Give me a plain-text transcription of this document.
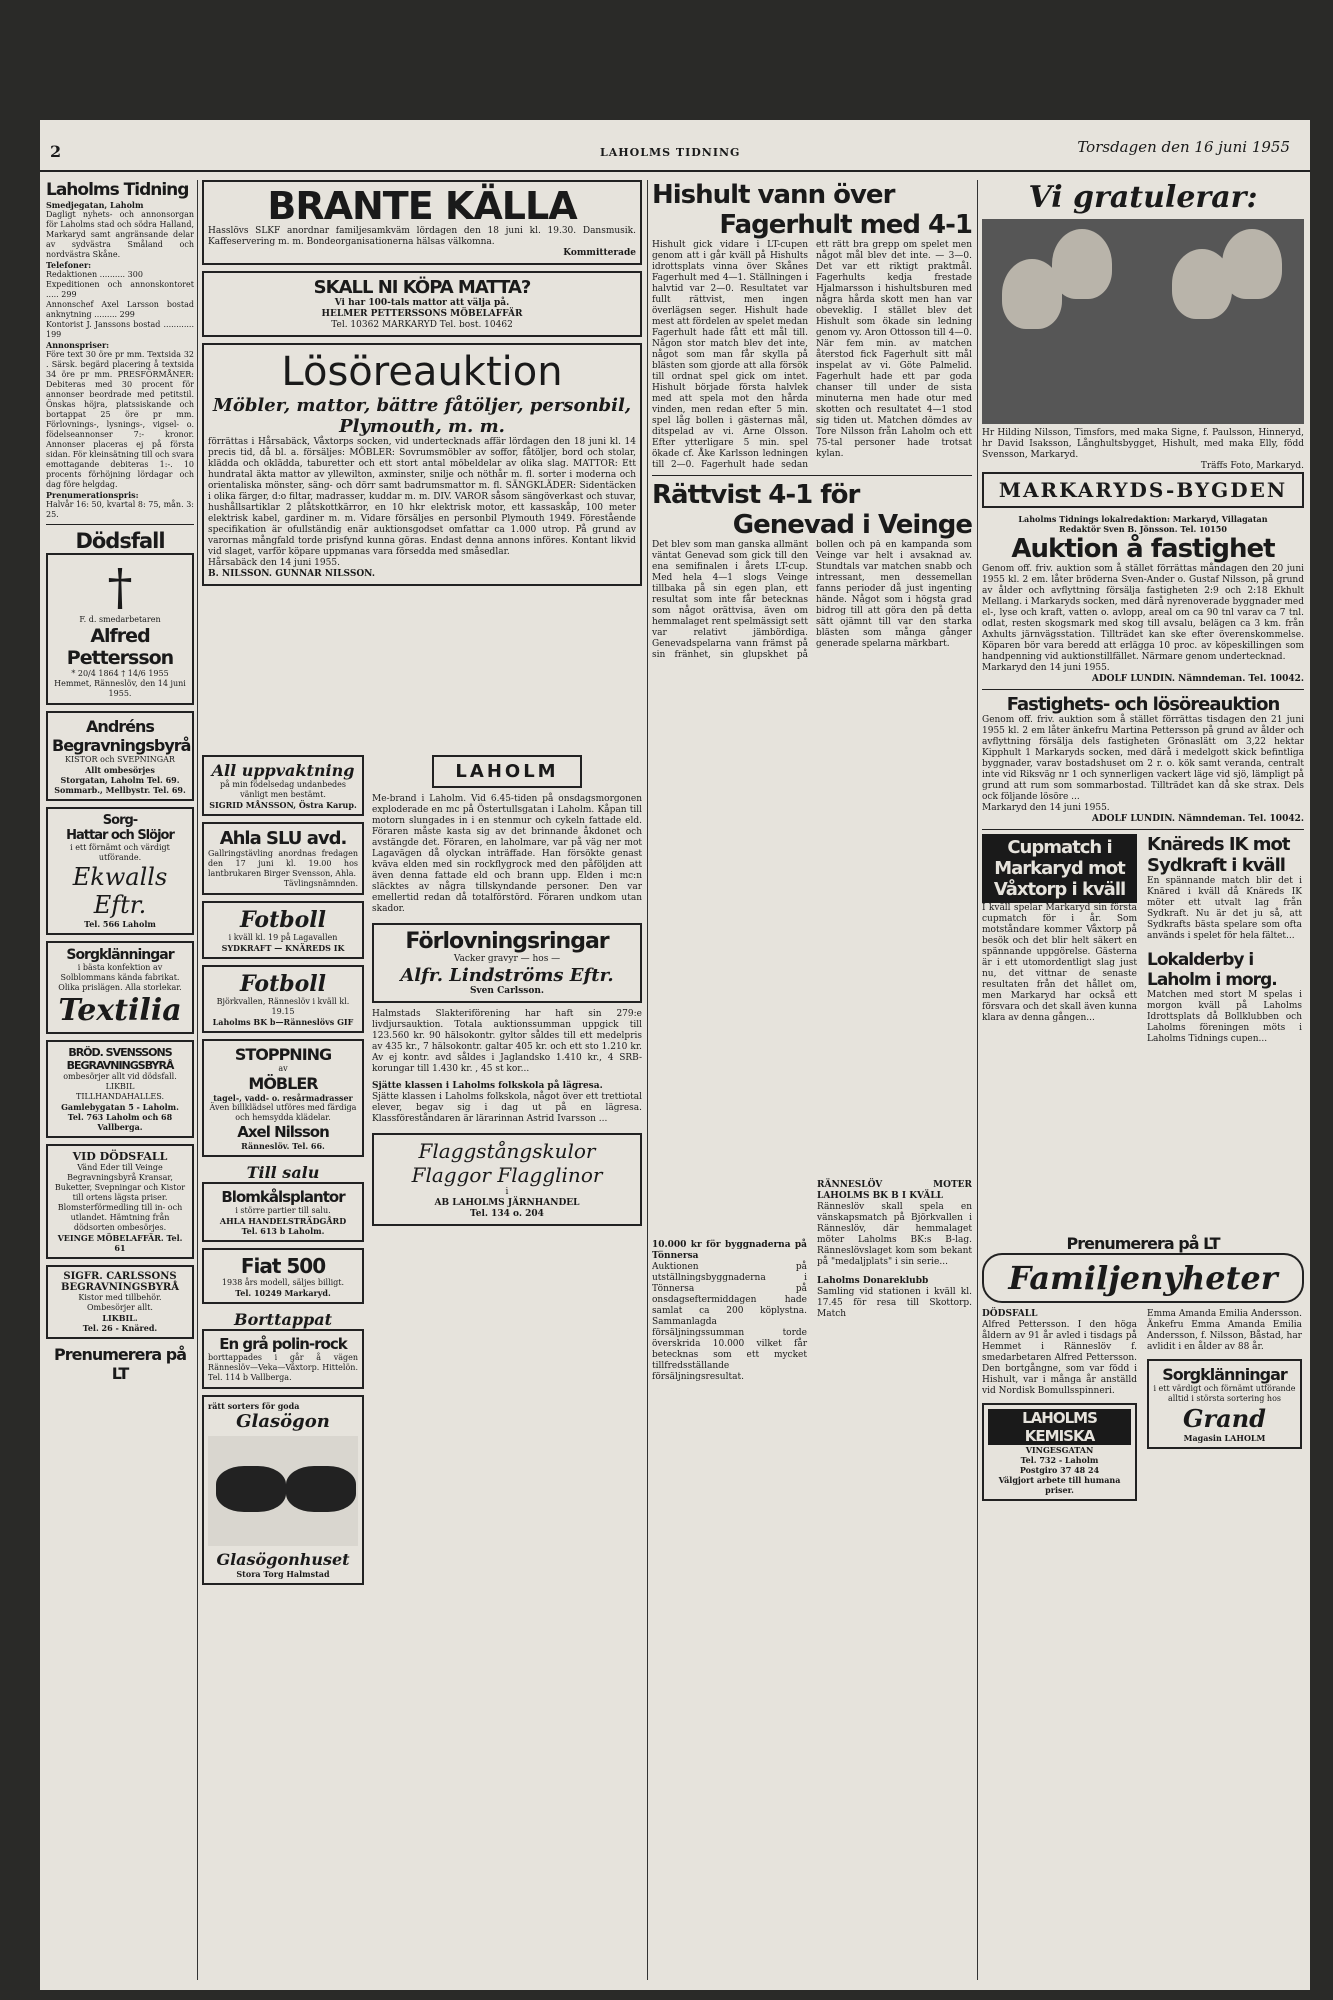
2	LAHOLMS TIDNING	Torsdagen den 16 juni 1955
Laholms Tidning
Smedjegatan, Laholm
Dagligt nyhets- och annonsorgan för Laholms stad och södra Halland, Markaryd samt angränsande delar av sydvästra Småland och nordvästra Skåne.
Telefoner:
Redaktionen .......... 300
Expeditionen och annonskontoret ..... 299
Annonschef Axel Larsson bostad anknytning ......... 299
Kontorist J. Janssons bostad ............ 199
Annonspriser:
Före text 30 öre pr mm. Textsida 32 . Särsk. begärd placering å textsida 34 öre pr mm. PRESFÖRMÅNER: Debiteras med 30 procent för annonser beordrade med petitstil. Önskas höjra, platssiskande och bortappat 25 öre pr mm. Förlovnings-, lysnings-, vigsel- o. födelseannonser 7:- kronor. Annonser placeras ej på första sidan. För kleinsätning till och svara emottagande debiteras 1:-. 10 procents förhöjning lördagar och dag före helgdag.
Prenumerationspris:
Halvår 16: 50, kvartal 8: 75, mån. 3: 25.
Dödsfall
†
F. d. smedarbetaren
Alfred Pettersson
* 20/4 1864 † 14/6 1955
Hemmet, Ränneslöv, den 14 juni 1955.
Andréns Begravningsbyrå
KISTOR och SVEPNINGAR
Allt ombesörjes
Storgatan, Laholm Tel. 69. Sommarb., Mellbystr. Tel. 69.
Sorg-
Hattar och Slöjor
i ett förnämt och värdigt utförande.
Ekwalls Eftr.
Tel. 566 Laholm
Sorgklänningar
i bästa konfektion av Solblommans kända fabrikat. Olika prislägen. Alla storlekar.
Textilia
BRÖD. SVENSSONS BEGRAVNINGSBYRÅ
ombesörjer allt vid dödsfall.
LIKBIL
TILLHANDAHALLES.
Gamlebygatan 5 - Laholm.
Tel. 763 Laholm och 68 Vallberga.
VID DÖDSFALL
Vänd Eder till Veinge Begravningsbyrå Kransar, Buketter, Svepningar och Kistor till ortens lägsta priser. Blomsterförmedling till in- och utlandet. Hämtning från dödsorten ombesörjes.
VEINGE MÖBELAFFÄR. Tel. 61
SIGFR. CARLSSONS BEGRAVNINGSBYRÅ
Kistor med tillbehör.
Ombesörjer allt.
LIKBIL.
Tel. 26 - Knäred.
Prenumerera på LT
BRANTE KÄLLA
Hasslövs SLKF anordnar familjesamkväm lördagen den 18 juni kl. 19.30. Dansmusik. Kaffeservering m. m. Bondeorganisationerna hälsas välkomna.
Kommitterade
SKALL NI KÖPA MATTA?
Vi har 100-tals mattor att välja på.
HELMER PETTERSSONS MÖBELAFFÄR
Tel. 10362 MARKARYD Tel. bost. 10462
Lösöreauktion
Möbler, mattor, bättre fåtöljer, personbil, Plymouth, m. m.
förrättas i Hårsabäck, Våxtorps socken, vid undertecknads affär lördagen den 18 juni kl. 14 precis tid, då bl. a. försäljes: MÖBLER: Sovrumsmöbler av soffor, fåtöljer, bord och stolar, klädda och oklädda, taburetter och ett stort antal möbeldelar av olika slag. MATTOR: Ett hundratal äkta mattor av yllewilton, axminster, snilje och nöthår m. fl. sorter i moderna och orientaliska mönster, säng- och dörr samt badrumsmattor m. fl. SÄNGKLÄDER: Sidentäcken i olika färger, d:o filtar, madrasser, kuddar m. m. DIV. VAROR såsom sängöverkast och stuvar, hushållsartiklar 2 plåtskottkärror, en 10 hkr elektrisk motor, ett kassaskåp, 100 meter elektrisk kabel, gardiner m. m. Vidare försäljes en personbil Plymouth 1949. Förestående specifikation är ofullständig enär auktionsgodset omfattar ca 1.000 utrop. På grund av varornas mångfald torde prisfynd kunna göras. Endast denna annons införes. Kontant likvid vid slaget, varför köpare uppmanas vara försedda med småsedlar.
Hårsabäck den 14 juni 1955.
B. NILSSON. GUNNAR NILSSON.
All uppvaktning
på min födelsedag undanbedes vänligt men bestämt.
SIGRID MÅNSSON, Östra Karup.
Ahla SLU avd.
Gallringstävling anordnas fredagen den 17 juni kl. 19.00 hos lantbrukaren Birger Svensson, Ahla.
Tävlingsnämnden.
Fotboll
i kväll kl. 19 på Lagavallen
SYDKRAFT — KNÄREDS IK
Fotboll
Björkvallen, Ränneslöv i kväll kl. 19.15
Laholms BK b—Ränneslövs GIF
STOPPNING
av
MÖBLER
tagel-, vadd- o. resårmadrasser
Även billklädsel utföres med färdiga och hemsydda klädelar.
Axel Nilsson
Ränneslöv. Tel. 66.
Till salu
Blomkålsplantor
i större partier till salu.
AHLA HANDELSTRÄDGÅRD
Tel. 613 b Laholm.
Fiat 500
1938 års modell, säljes billigt.
Tel. 10249 Markaryd.
Borttappat
En grå polin-rock
borttappades i går å vägen Ränneslöv—Veka—Våxtorp. Hittelön. Tel. 114 b Vallberga.
rätt sorters för goda
Glasögon
Glasögonhuset
Stora Torg Halmstad
LAHOLM
Me-brand i Laholm. Vid 6.45-tiden på onsdagsmorgonen exploderade en mc på Östertullsgatan i Laholm. Kåpan till motorn slungades in i en stenmur och cykeln fattade eld. Föraren måste kasta sig av det brinnande åkdonet och avstängde det. Föraren, en laholmare, var på väg ner mot Lagavägen då olyckan inträffade. Han försökte genast kväva elden med sin rockflygrock med den påföljden att även denna fattade eld och brann upp. Elden i mc:n släcktes av några tillskyndande personer. Den var emellertid redan då totalförstörd. Föraren undkom utan skador.
Förlovningsringar
Vacker gravyr — hos —
Alfr. Lindströms Eftr.
Sven Carlsson.
Halmstads Slakteriförening har haft sin 279:e livdjursauktion. Totala auktionssumman uppgick till 123.560 kr. 90 hälsokontr. gyltor såldes till ett medelpris av 435 kr., 7 hälsokontr. galtar 405 kr. och ett sto 1.210 kr. Av ej kontr. avd såldes i Jaglandsko 1.410 kr., 4 SRB-korungar till 1.430 kr. , 45 st kor...
Sjätte klassen i Laholms folkskola på lägresa.
Sjätte klassen i Laholms folkskola, något över ett trettiotal elever, begav sig i dag ut på en lägresa. Klassföreståndaren är lärarinnan Astrid Ivarsson ...
Flaggstångskulor Flaggor Flagglinor
i
AB LAHOLMS JÄRNHANDEL
Tel. 134 o. 204
Hishult vann över
Fagerhult med 4-1
Hishult gick vidare i LT-cupen genom att i går kväll på Hishults idrottsplats vinna över Skånes Fagerhult med 4—1. Ställningen i halvtid var 2—0. Resultatet var fullt rättvist, men ingen överlägsen seger. Hishult hade mest att fördelen av spelet medan Fagerhult hade fått ett mål till. Någon stor match blev det inte, något som man får skylla på blästen som gjorde att alla försök till ordnat spel gick om intet. Hishult började första halvlek med att spela mot den hårda vinden, men redan efter 5 min. spel låg bollen i gästernas mål, ditspelad av vi. Arne Olsson. Efter ytterligare 5 min. spel ökade cf. Åke Karlsson ledningen till 2—0. Fagerhult hade sedan ett rätt bra grepp om spelet men något mål blev det inte. — 3—0. Det var ett riktigt praktmål. Fagerhults kedja frestade Hjalmarsson i hishultsburen med några hårda skott men han var obeveklig. I stället blev det Hishult som ökade sin ledning genom vy. Aron Ottosson till 4—0. När fem min. av matchen återstod fick Fagerhult sitt mål inspelat av vi. Göte Palmelid. Fagerhult hade ett par goda chanser till under de sista minuterna men hade otur med skotten och resultatet 4—1 stod sig tiden ut. Matchen dömdes av Tore Nilsson från Laholm och ett 75-tal personer hade trotsat kylan.
Rättvist 4-1 för
Genevad i Veinge
Det blev som man ganska allmänt väntat Genevad som gick till den ena semifinalen i årets LT-cup. Med hela 4—1 slogs Veinge tillbaka på sin egen plan, ett resultat som inte får betecknas som något orättvisa, även om hemmalaget rent spelmässigt sett var relativt jämbördiga. Genevadspelarna vann främst på sin fränhet, sin glupskhet på bollen och på en kampanda som Veinge var helt i avsaknad av. Stundtals var matchen snabb och intressant, men dessemellan fanns perioder då just ingenting hände. Något som i högsta grad bidrog till att göra den på detta sätt ojämnt till var den starka blästen som många gånger generade spelarna märkbart.
10.000 kr för byggnaderna på Tönnersa
Auktionen på utställningsbyggnaderna i Tönnersa på onsdagseftermiddagen hade samlat ca 200 köplystna. Sammanlagda försäljningssumman torde överskrida 10.000 vilket får betecknas som ett mycket tillfredsställande försäljningsresultat.
RÄNNESLÖV MOTER LAHOLMS BK B I KVÄLL
Ränneslöv skall spela en vänskapsmatch på Björkvallen i Ränneslöv, där hemmalaget möter Laholms BK:s B-lag. Ränneslövslaget kom som bekant på "medaljplats" i sin serie...
Laholms Donareklubb
Samling vid stationen i kväll kl. 17.45 för resa till Skottorp. Match
Vi gratulerar:
Hr Hilding Nilsson, Timsfors, med maka Signe, f. Paulsson, Hinneryd, hr David Isaksson, Långhultsbygget, Hishult, med maka Elly, född Svensson, Markaryd.
Träffs Foto, Markaryd.
MARKARYDS-BYGDEN
Laholms Tidnings lokalredaktion: Markaryd, Villagatan
Redaktör Sven B. Jönsson. Tel. 10150
Auktion å fastighet
Genom off. friv. auktion som å stället förrättas måndagen den 20 juni 1955 kl. 2 em. låter bröderna Sven-Ander o. Gustaf Nilsson, på grund av ålder och avflyttning försälja fastigheten 2:9 och 2:18 Ekhult Mellang. i Markaryds socken, med därå nyrenoverade byggnader med el-, lyse och kraft, vatten o. avlopp, areal om ca 90 tnl varav ca 7 tnl. odlat, resten skogsmark med skog till avsalu, belägen ca 3 km. från Axhults järnvägsstation. Tillträdet kan ske efter överenskommelse. Köparen bör vara beredd att erlägga 10 proc. av köpeskillingen som handpenning vid auktionstillfället. Närmare genom undertecknad.
Markaryd den 14 juni 1955.
ADOLF LUNDIN. Nämndeman. Tel. 10042.
Fastighets- och lösöreauktion
Genom off. friv. auktion som å stället förrättas tisdagen den 21 juni 1955 kl. 2 em låter änkefru Martina Pettersson på grund av ålder och avflyttning försälja dels fastigheten Grönaslätt om 3,22 hektar Kipphult 1 Markaryds socken, med därå i medelgott skick befintliga byggnader, varav bostadshuset om 2 r. o. kök samt veranda, centralt inte vid Riksväg nr 1 och synnerligen vackert läge vid sjö, lämpligt på grund att rum som sommarbostad. Tillträdet kan då ske strax. Dels ock följande lösöre ...
Markaryd den 14 juni 1955.
ADOLF LUNDIN. Nämndeman. Tel. 10042.
Cupmatch i Markaryd mot Våxtorp i kväll
I kväll spelar Markaryd sin första cupmatch för i år. Som motståndare kommer Våxtorp på besök och det blir helt säkert en spännande uppgörelse. Gästerna är i ett utomordentligt slag just nu, det vittnar de senaste resultaten från det hållet om, men Markaryd har också ett försvara och det skall även kunna klara av denna gången...
Knäreds IK mot Sydkraft i kväll
En spännande match blir det i Knäred i kväll då Knäreds IK möter ett utvalt lag från Sydkraft. Nu är det ju så, att Sydkrafts bästa spelare som ofta används i spelet för hela fältet...
Lokalderby i Laholm i morg.
Matchen med stort M spelas i morgon kväll på Laholms Idrottsplats då Bollklubben och Laholms föreningen möts i Laholms Tidnings cupen...
Prenumerera på LT
Familjenyheter
DÖDSFALL
Alfred Pettersson. I den höga åldern av 91 år avled i tisdags på Hemmet i Ränneslöv f. smedarbetaren Alfred Pettersson. Den bortgångne, som var född i Hishult, var i många år anställd vid Nordisk Bomullsspinneri.
LAHOLMS KEMISKA
VINGESGATAN
Tel. 732 - Laholm
Postgiro 37 48 24
Välgjort arbete till humana priser.
Emma Amanda Emilia Andersson. Änkefru Emma Amanda Emilia Andersson, f. Nilsson, Båstad, har avlidit i en ålder av 88 år.
Sorgklänningar
i ett värdigt och förnämt utförande alltid i största sortering hos
Grand
Magasin LAHOLM
